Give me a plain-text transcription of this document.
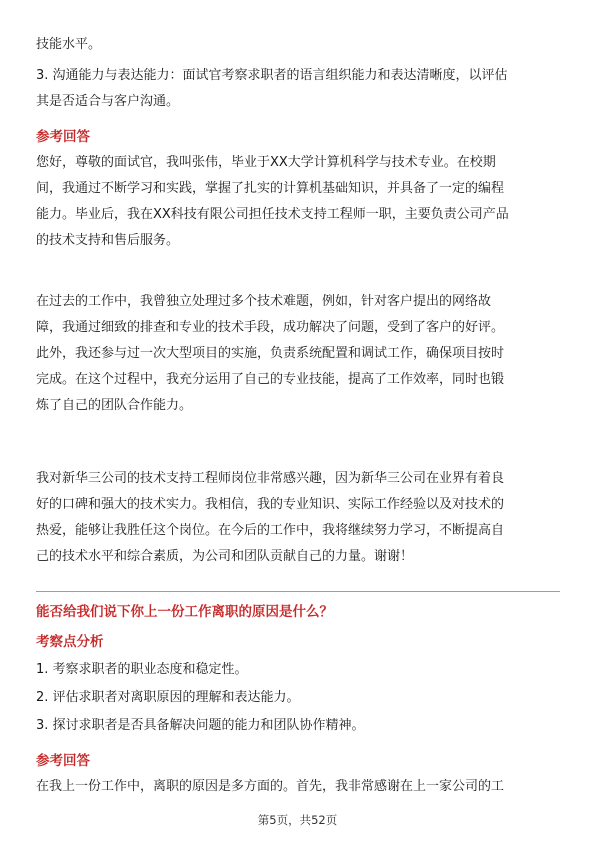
技能水平。

3. 沟通能力与表达能力：面试官考察求职者的语言组织能力和表达清晰度，以评估

其是否适合与客户沟通。

参考回答

您好，尊敬的面试官，我叫张伟，毕业于XX大学计算机科学与技术专业。在校期

间，我通过不断学习和实践，掌握了扎实的计算机基础知识，并具备了一定的编程

能力。毕业后，我在XX科技有限公司担任技术支持工程师一职，主要负责公司产品

的技术支持和售后服务。

在过去的工作中，我曾独立处理过多个技术难题，例如，针对客户提出的网络故

障，我通过细致的排查和专业的技术手段，成功解决了问题，受到了客户的好评。

此外，我还参与过一次大型项目的实施，负责系统配置和调试工作，确保项目按时

完成。在这个过程中，我充分运用了自己的专业技能，提高了工作效率，同时也锻

炼了自己的团队合作能力。

我对新华三公司的技术支持工程师岗位非常感兴趣，因为新华三公司在业界有着良

好的口碑和强大的技术实力。我相信，我的专业知识、实际工作经验以及对技术的

热爱，能够让我胜任这个岗位。在今后的工作中，我将继续努力学习，不断提高自

己的技术水平和综合素质，为公司和团队贡献自己的力量。谢谢！

能否给我们说下你上一份工作离职的原因是什么？

考察点分析

1. 考察求职者的职业态度和稳定性。

2. 评估求职者对离职原因的理解和表达能力。

3. 探讨求职者是否具备解决问题的能力和团队协作精神。

参考回答

在我上一份工作中，离职的原因是多方面的。首先，我非常感谢在上一家公司的工

第5页，共52页
